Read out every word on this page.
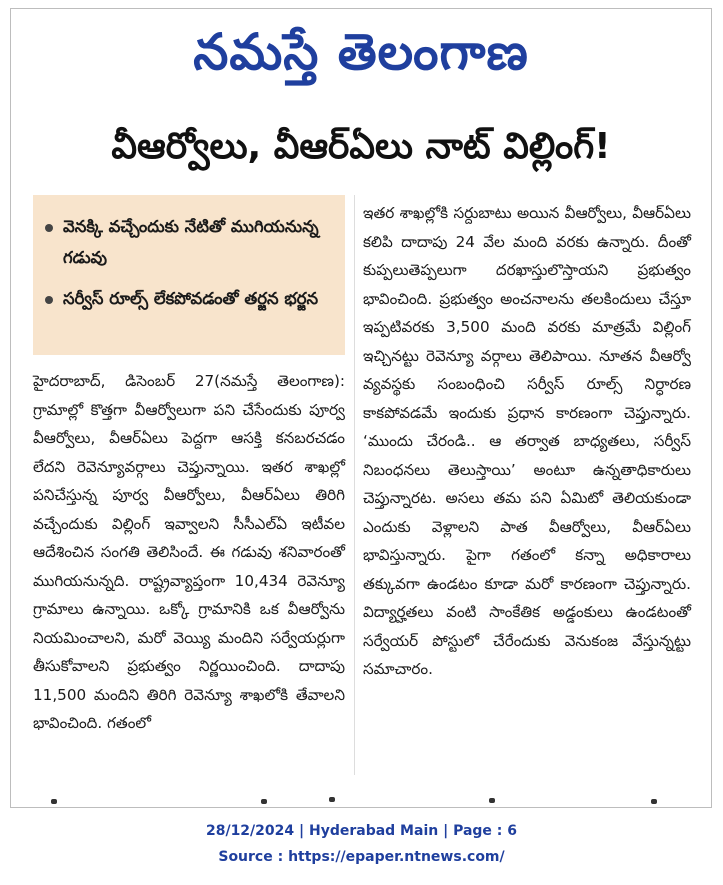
నమస్తే తెలంగాణ
వీఆర్వోలు, వీఆర్ఏలు నాట్ విల్లింగ్!
వెనక్కి వచ్చేందుకు నేటితో ముగియనున్న గడువు
సర్వీస్ రూల్స్ లేకపోవడంతో తర్జన భర్జన
హైదరాబాద్, డిసెంబర్ 27(నమస్తే తెలంగాణ): గ్రామాల్లో కొత్తగా వీఆర్వోలుగా పని చేసేందుకు పూర్వ వీఆర్వోలు, వీఆర్ఏలు పెద్దగా ఆసక్తి కనబరచడం లేదని రెవెన్యూవర్గాలు చెప్తున్నాయి. ఇతర శాఖల్లో పనిచేస్తున్న పూర్వ వీఆర్వోలు, వీఆర్ఏలు తిరిగి వచ్చేందుకు విల్లింగ్ ఇవ్వాలని సీసీఎల్ఏ ఇటీవల ఆదేశించిన సంగతి తెలిసిందే. ఈ గడువు శనివారంతో ముగియనున్నది. రాష్ట్రవ్యాప్తంగా 10,434 రెవెన్యూ గ్రామాలు ఉన్నాయి. ఒక్కో గ్రామానికి ఒక వీఆర్వోను నియమించాలని, మరో వెయ్యి మందిని సర్వేయర్లుగా తీసుకోవాలని ప్రభుత్వం నిర్ణయించింది. దాదాపు 11,500 మందిని తిరిగి రెవెన్యూ శాఖలోకి తేవాలని భావించింది. గతంలో
ఇతర శాఖల్లోకి సర్దుబాటు అయిన వీఆర్వోలు, వీఆర్ఏలు కలిపి దాదాపు 24 వేల మంది వరకు ఉన్నారు. దీంతో కుప్పలుతెప్పలుగా దరఖాస్తులొస్తాయని ప్రభుత్వం భావించింది. ప్రభుత్వం అంచనాలను తలకిందులు చేస్తూ ఇప్పటివరకు 3,500 మంది వరకు మాత్రమే విల్లింగ్ ఇచ్చినట్టు రెవెన్యూ వర్గాలు తెలిపాయి. నూతన వీఆర్వో వ్యవస్థకు సంబంధించి సర్వీస్ రూల్స్ నిర్ధారణ కాకపోవడమే ఇందుకు ప్రధాన కారణంగా చెప్తున్నారు. ‘ముందు చేరండి.. ఆ తర్వాత బాధ్యతలు, సర్వీస్ నిబంధనలు తెలుస్తాయి’ అంటూ ఉన్నతాధికారులు చెప్తున్నారట. అసలు తమ పని ఏమిటో తెలియకుండా ఎందుకు వెళ్లాలని పాత వీఆర్వోలు, వీఆర్ఏలు భావిస్తున్నారు. పైగా గతంలో కన్నా అధికారాలు తక్కువగా ఉండటం కూడా మరో కారణంగా చెప్తున్నారు. విద్యార్హతలు వంటి సాంకేతిక అడ్డంకులు ఉండటంతో సర్వేయర్ పోస్టులో చేరేందుకు వెనుకంజ వేస్తున్నట్టు సమాచారం.
28/12/2024 | Hyderabad Main | Page : 6
Source : https://epaper.ntnews.com/
